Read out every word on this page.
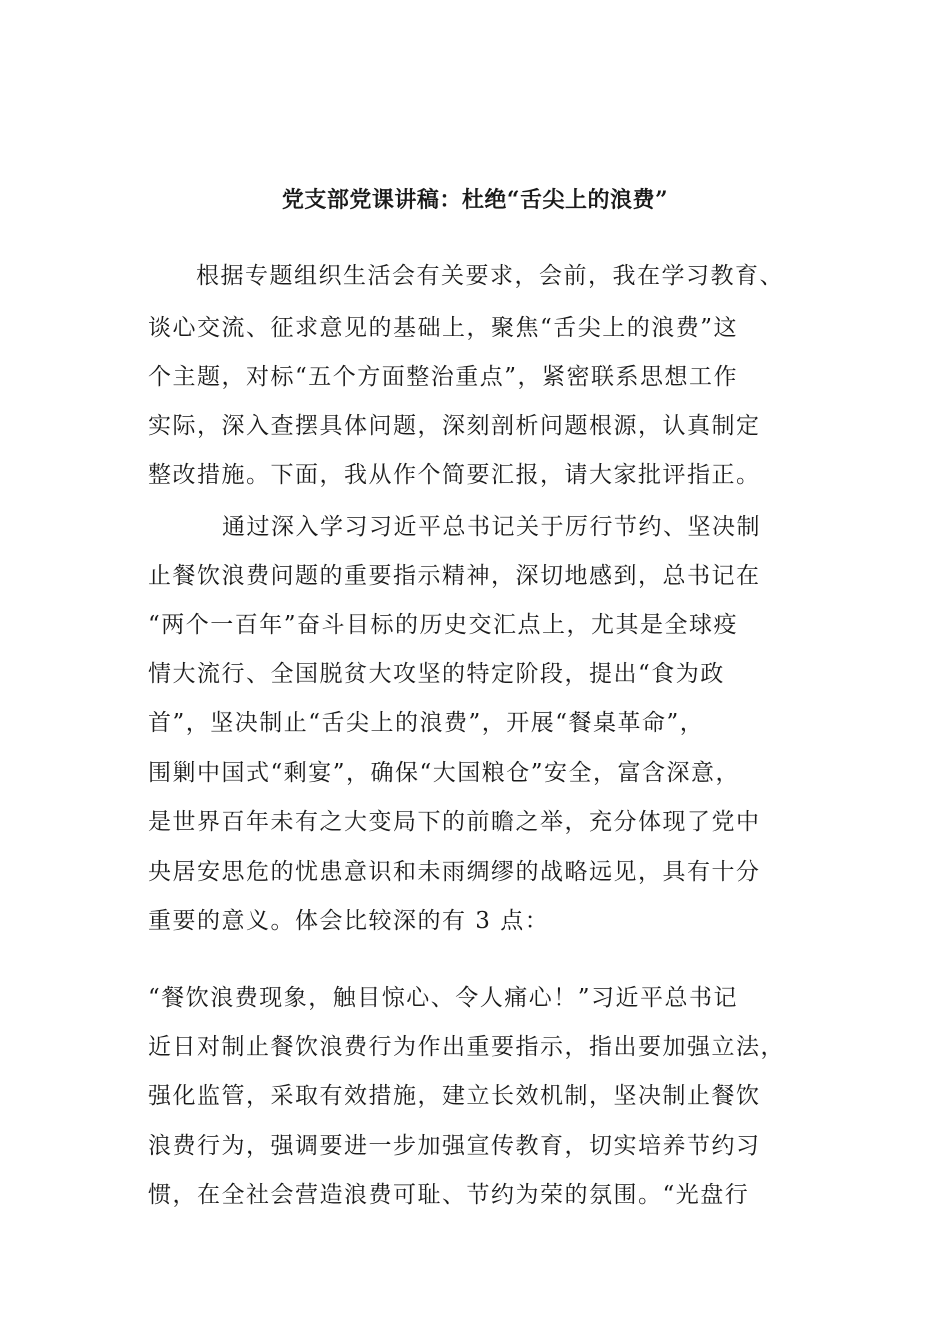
党支部党课讲稿：杜绝“舌尖上的浪费”
根据专题组织生活会有关要求，会前，我在学习教育、
谈心交流、征求意见的基础上，聚焦“舌尖上的浪费”这
个主题，对标“五个方面整治重点”，紧密联系思想工作
实际，深入查摆具体问题，深刻剖析问题根源，认真制定
整改措施。下面，我从作个简要汇报，请大家批评指正。
通过深入学习习近平总书记关于厉行节约、坚决制
止餐饮浪费问题的重要指示精神，深切地感到，总书记在
“两个一百年”奋斗目标的历史交汇点上，尤其是全球疫
情大流行、全国脱贫大攻坚的特定阶段，提出“食为政
首”，坚决制止“舌尖上的浪费”，开展“餐桌革命”，
围剿中国式“剩宴”，确保“大国粮仓”安全，富含深意，
是世界百年未有之大变局下的前瞻之举，充分体现了党中
央居安思危的忧患意识和未雨绸缪的战略远见，具有十分
重要的意义。体会比较深的有 3 点：
“餐饮浪费现象，触目惊心、令人痛心！”习近平总书记
近日对制止餐饮浪费行为作出重要指示，指出要加强立法，
强化监管，采取有效措施，建立长效机制，坚决制止餐饮
浪费行为，强调要进一步加强宣传教育，切实培养节约习
惯，在全社会营造浪费可耻、节约为荣的氛围。“光盘行
